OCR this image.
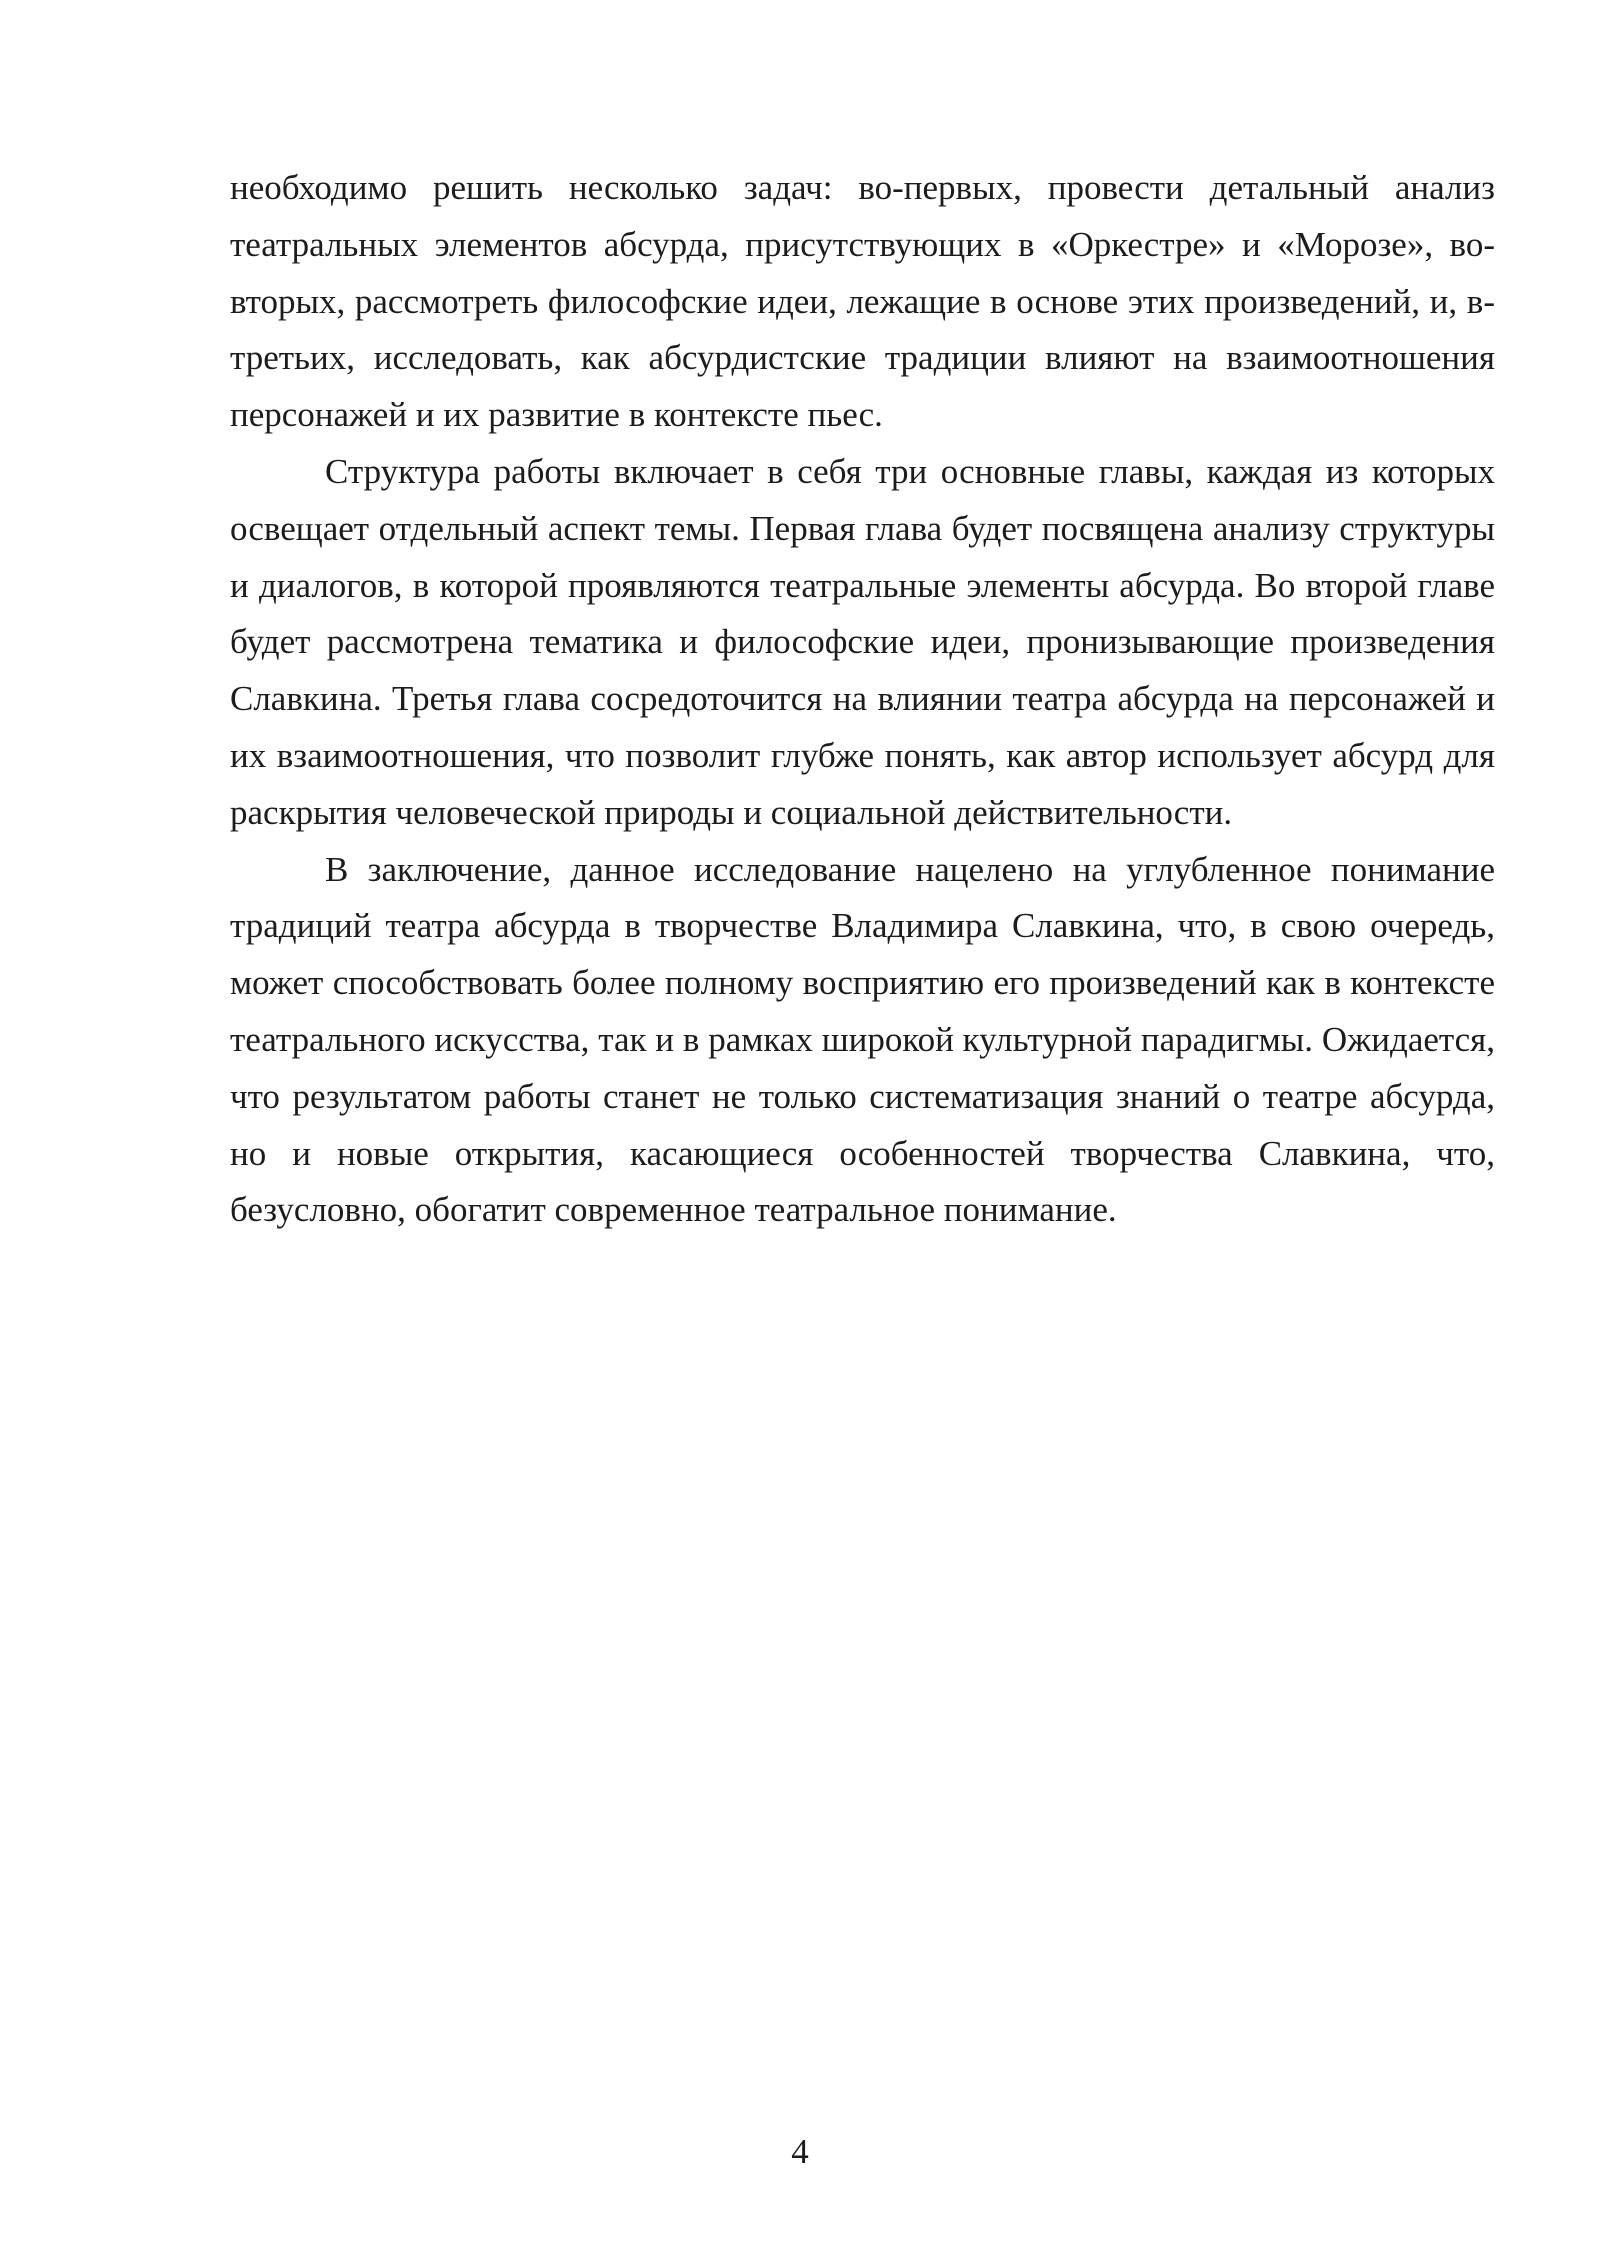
необходимо решить несколько задач: во-первых, провести детальный анализ театральных элементов абсурда, присутствующих в «Оркестре» и «Морозе», во-вторых, рассмотреть философские идеи, лежащие в основе этих произведений, и, в-третьих, исследовать, как абсурдистские традиции влияют на взаимоотношения персонажей и их развитие в контексте пьес.

Структура работы включает в себя три основные главы, каждая из которых освещает отдельный аспект темы. Первая глава будет посвящена анализу структуры и диалогов, в которой проявляются театральные элементы абсурда. Во второй главе будет рассмотрена тематика и философские идеи, пронизывающие произведения Славкина. Третья глава сосредоточится на влиянии театра абсурда на персонажей и их взаимоотношения, что позволит глубже понять, как автор использует абсурд для раскрытия человеческой природы и социальной действительности.

В заключение, данное исследование нацелено на углубленное понимание традиций театра абсурда в творчестве Владимира Славкина, что, в свою очередь, может способствовать более полному восприятию его произведений как в контексте театрального искусства, так и в рамках широкой культурной парадигмы. Ожидается, что результатом работы станет не только систематизация знаний о театре абсурда, но и новые открытия, касающиеся особенностей творчества Славкина, что, безусловно, обогатит современное театральное понимание.

4
